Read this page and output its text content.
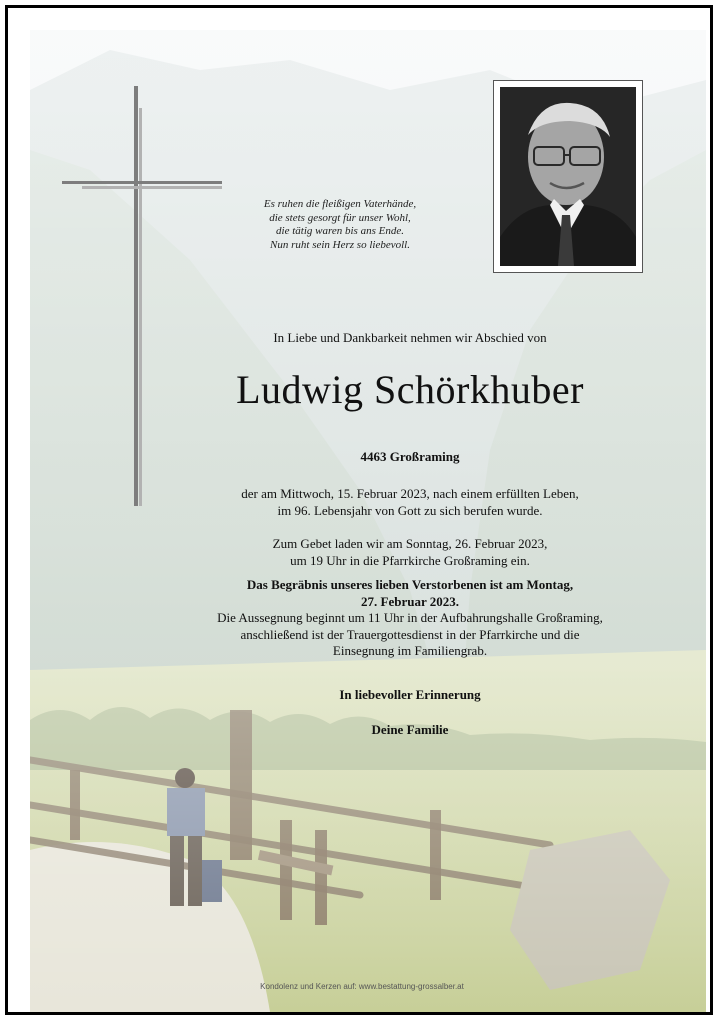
Es ruhen die fleißigen Vaterhände,
die stets gesorgt für unser Wohl,
die tätig waren bis ans Ende.
Nun ruht sein Herz so liebevoll.
In Liebe und Dankbarkeit nehmen wir Abschied von
Ludwig Schörkhuber
4463 Großraming
der am Mittwoch, 15. Februar 2023, nach einem erfüllten Leben,
im 96. Lebensjahr von Gott zu sich berufen wurde.
Zum Gebet laden wir am Sonntag, 26. Februar 2023,
um 19 Uhr in die Pfarrkirche Großraming ein.
Das Begräbnis unseres lieben Verstorbenen ist am Montag,
27. Februar 2023.
Die Aussegnung beginnt um 11 Uhr in der Aufbahrungshalle Großraming,
anschließend ist der Trauergottesdienst in der Pfarrkirche und die
Einsegnung im Familiengrab.
In liebevoller Erinnerung
Deine Familie
Kondolenz und Kerzen auf: www.bestattung-grossalber.at
